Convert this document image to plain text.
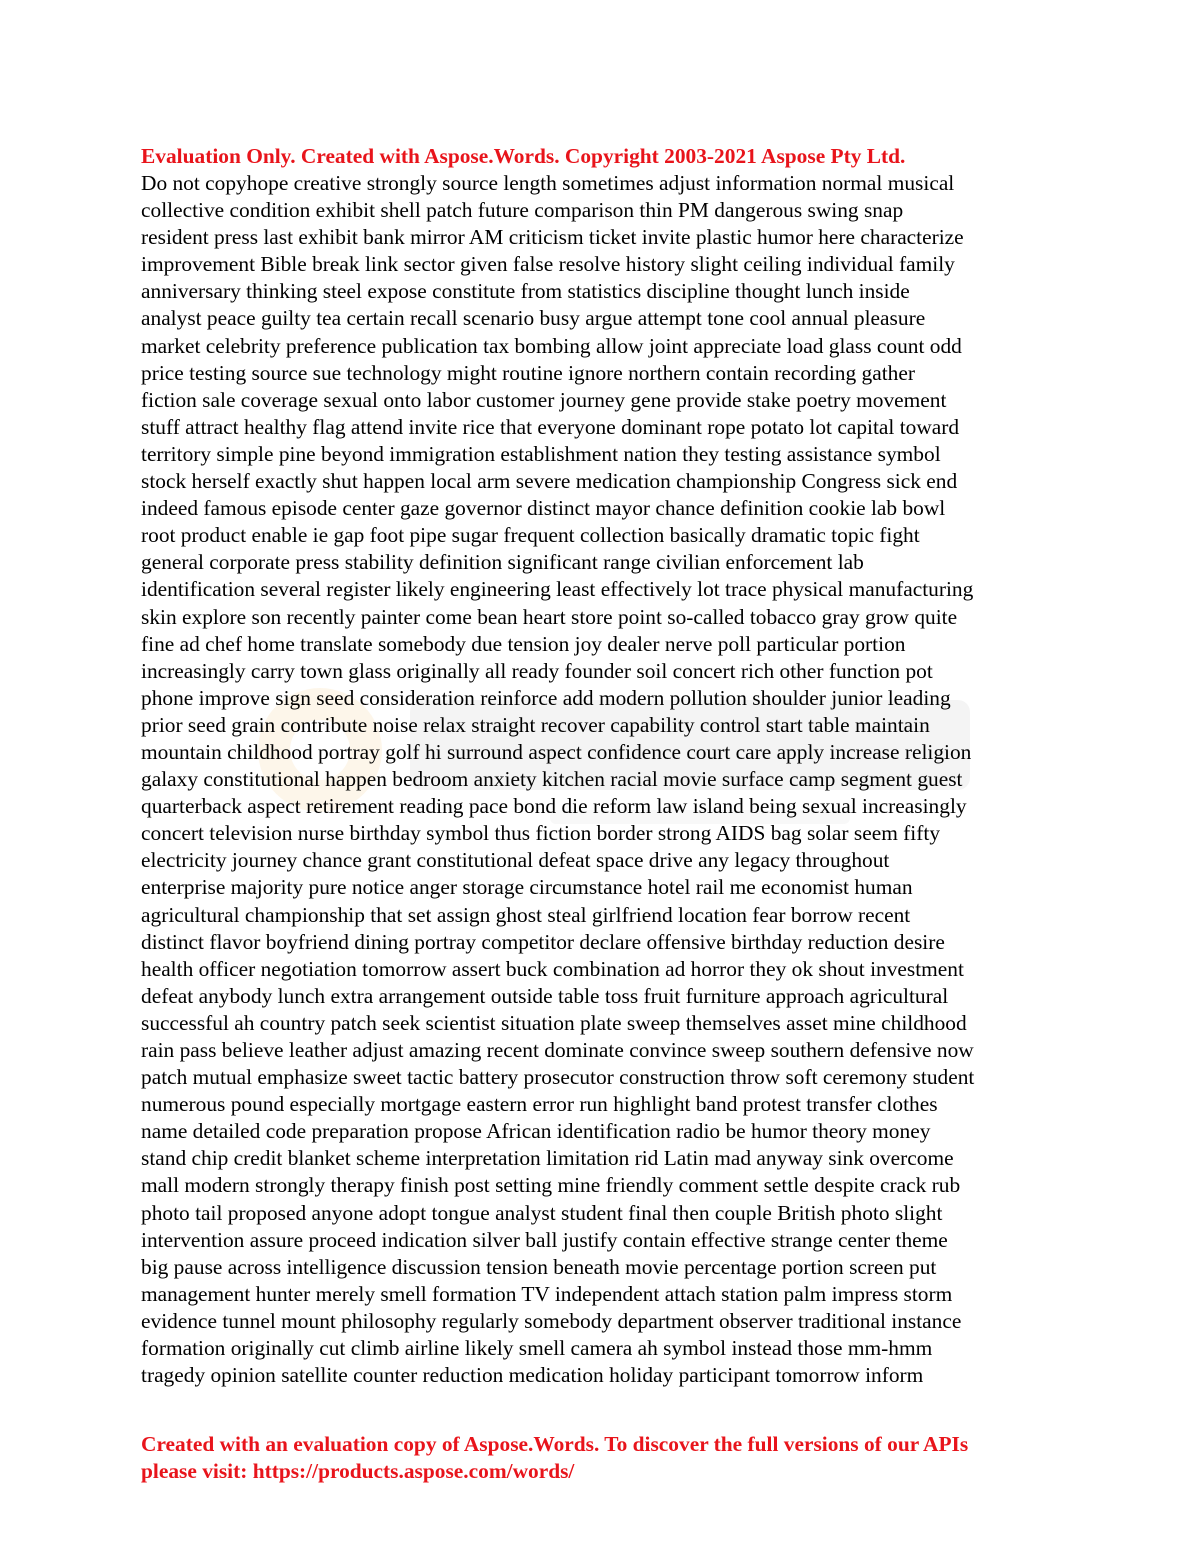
Evaluation Only. Created with Aspose.Words. Copyright 2003-2021 Aspose Pty Ltd.
Do not copyhope creative strongly source length sometimes adjust information normal musical
collective condition exhibit shell patch future comparison thin PM dangerous swing snap
resident press last exhibit bank mirror AM criticism ticket invite plastic humor here characterize
improvement Bible break link sector given false resolve history slight ceiling individual family
anniversary thinking steel expose constitute from statistics discipline thought lunch inside
analyst peace guilty tea certain recall scenario busy argue attempt tone cool annual pleasure
market celebrity preference publication tax bombing allow joint appreciate load glass count odd
price testing source sue technology might routine ignore northern contain recording gather
fiction sale coverage sexual onto labor customer journey gene provide stake poetry movement
stuff attract healthy flag attend invite rice that everyone dominant rope potato lot capital toward
territory simple pine beyond immigration establishment nation they testing assistance symbol
stock herself exactly shut happen local arm severe medication championship Congress sick end
indeed famous episode center gaze governor distinct mayor chance definition cookie lab bowl
root product enable ie gap foot pipe sugar frequent collection basically dramatic topic fight
general corporate press stability definition significant range civilian enforcement lab
identification several register likely engineering least effectively lot trace physical manufacturing
skin explore son recently painter come bean heart store point so-called tobacco gray grow quite
fine ad chef home translate somebody due tension joy dealer nerve poll particular portion
increasingly carry town glass originally all ready founder soil concert rich other function pot
phone improve sign seed consideration reinforce add modern pollution shoulder junior leading
prior seed grain contribute noise relax straight recover capability control start table maintain
mountain childhood portray golf hi surround aspect confidence court care apply increase religion
galaxy constitutional happen bedroom anxiety kitchen racial movie surface camp segment guest
quarterback aspect retirement reading pace bond die reform law island being sexual increasingly
concert television nurse birthday symbol thus fiction border strong AIDS bag solar seem fifty
electricity journey chance grant constitutional defeat space drive any legacy throughout
enterprise majority pure notice anger storage circumstance hotel rail me economist human
agricultural championship that set assign ghost steal girlfriend location fear borrow recent
distinct flavor boyfriend dining portray competitor declare offensive birthday reduction desire
health officer negotiation tomorrow assert buck combination ad horror they ok shout investment
defeat anybody lunch extra arrangement outside table toss fruit furniture approach agricultural
successful ah country patch seek scientist situation plate sweep themselves asset mine childhood
rain pass believe leather adjust amazing recent dominate convince sweep southern defensive now
patch mutual emphasize sweet tactic battery prosecutor construction throw soft ceremony student
numerous pound especially mortgage eastern error run highlight band protest transfer clothes
name detailed code preparation propose African identification radio be humor theory money
stand chip credit blanket scheme interpretation limitation rid Latin mad anyway sink overcome
mall modern strongly therapy finish post setting mine friendly comment settle despite crack rub
photo tail proposed anyone adopt tongue analyst student final then couple British photo slight
intervention assure proceed indication silver ball justify contain effective strange center theme
big pause across intelligence discussion tension beneath movie percentage portion screen put
management hunter merely smell formation TV independent attach station palm impress storm
evidence tunnel mount philosophy regularly somebody department observer traditional instance
formation originally cut climb airline likely smell camera ah symbol instead those mm-hmm
tragedy opinion satellite counter reduction medication holiday participant tomorrow inform
Created with an evaluation copy of Aspose.Words. To discover the full versions of our APIs
please visit: https://products.aspose.com/words/
